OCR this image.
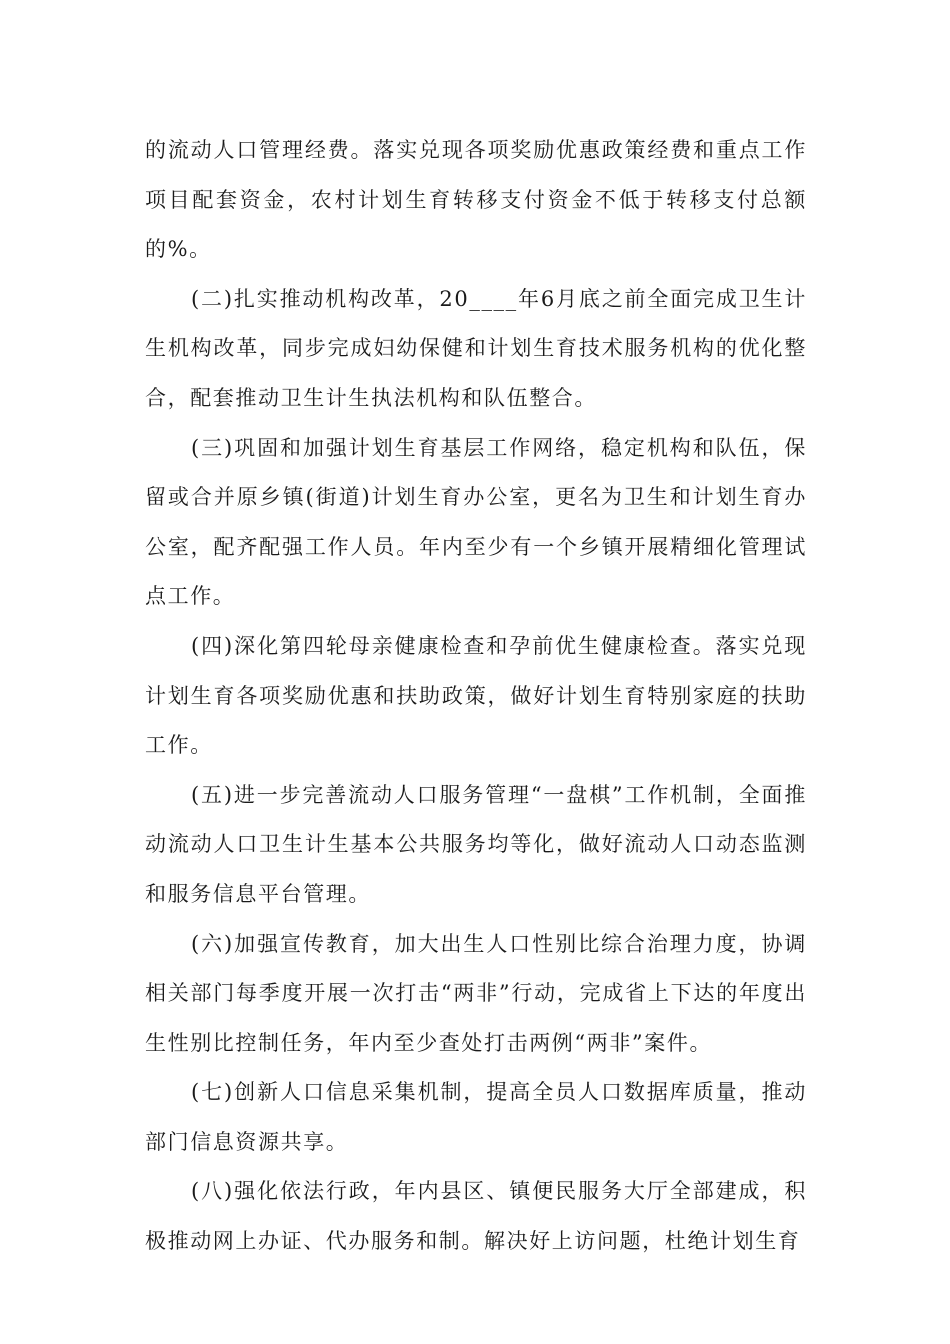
的流动人口管理经费。落实兑现各项奖励优惠政策经费和重点工作项目配套资金，农村计划生育转移支付资金不低于转移支付总额的%。

(二)扎实推动机构改革，20____年6月底之前全面完成卫生计生机构改革，同步完成妇幼保健和计划生育技术服务机构的优化整合，配套推动卫生计生执法机构和队伍整合。

(三)巩固和加强计划生育基层工作网络，稳定机构和队伍，保留或合并原乡镇(街道)计划生育办公室，更名为卫生和计划生育办公室，配齐配强工作人员。年内至少有一个乡镇开展精细化管理试点工作。

(四)深化第四轮母亲健康检查和孕前优生健康检查。落实兑现计划生育各项奖励优惠和扶助政策，做好计划生育特别家庭的扶助工作。

(五)进一步完善流动人口服务管理“一盘棋”工作机制，全面推动流动人口卫生计生基本公共服务均等化，做好流动人口动态监测和服务信息平台管理。

(六)加强宣传教育，加大出生人口性别比综合治理力度，协调相关部门每季度开展一次打击“两非”行动，完成省上下达的年度出生性别比控制任务，年内至少查处打击两例“两非”案件。

(七)创新人口信息采集机制，提高全员人口数据库质量，推动部门信息资源共享。

(八)强化依法行政，年内县区、镇便民服务大厅全部建成，积极推动网上办证、代办服务和制。解决好上访问题，杜绝计划生育
